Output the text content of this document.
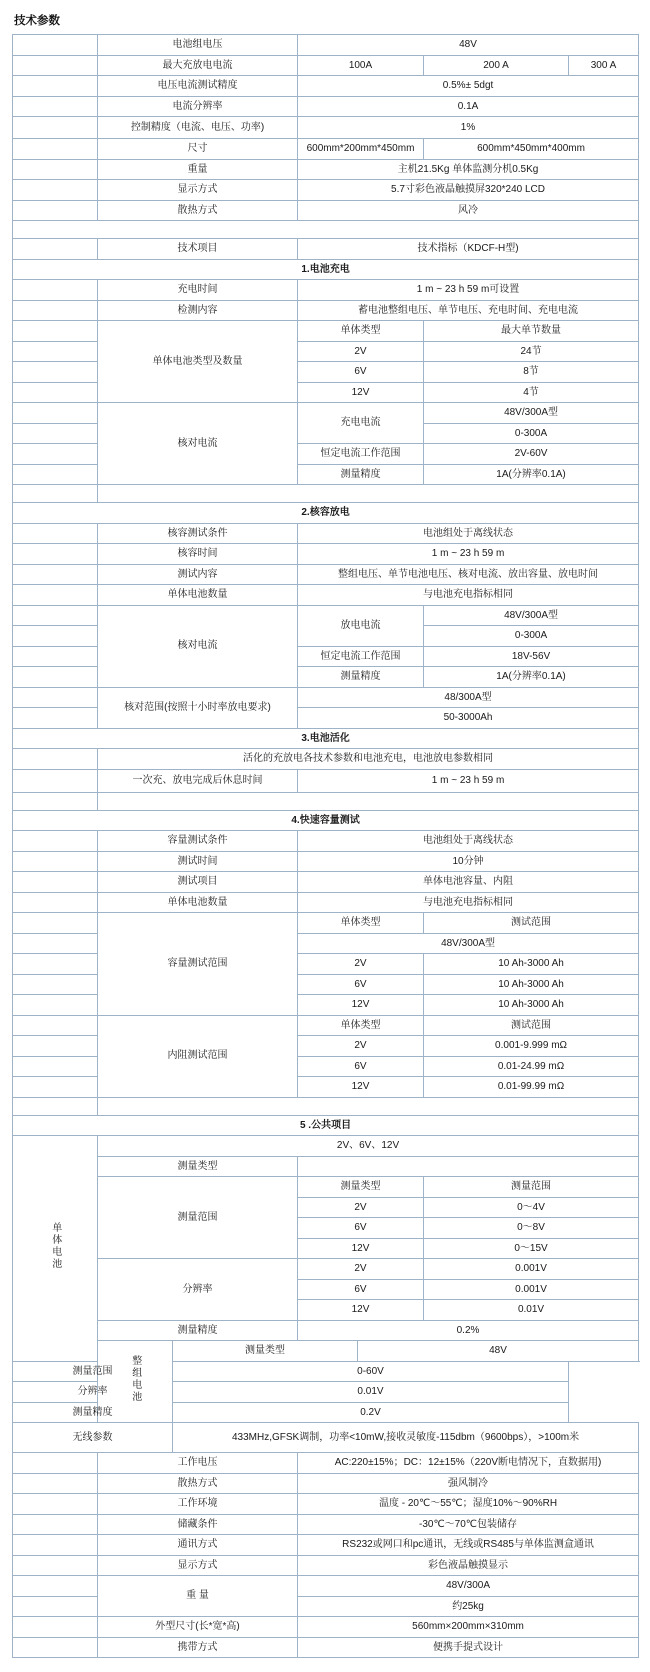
技术参数
	电池组电压		48V			
	最大充放电电流		100A		200 A	300 A
	电压电流测试精度		0.5%± 5dgt			
	电流分辨率		0.1A			
	控制精度（电流、电压、功率)		1%			
	尺寸		600mm*200mm*450mm		600mm*450mm*400mm	
	重量		主机21.5Kg 单体监测分机0.5Kg			
	显示方式		5.7寸彩色液晶触摸屏320*240 LCD			
	散热方式		风冷			

	技术项目		技术指标（KDCF-H型)			
1.电池充电						
	充电时间		1 m ~ 23 h 59 m可设置			
	检测内容		蓄电池整组电压、单节电压、充电时间、充电电流			
	单体电池类型及数量		单体类型		最大单节数量	
			2V		24节	
			6V		8节	
			12V		4节	
	核对电流		充电电流		48V/300A型	
					0-300A	
			恒定电流工作范围		2V-60V	
			测量精度		1A(分辨率0.1A)	

2.核容放电						
	核容测试条件		电池组处于离线状态			
	核容时间		1 m ~ 23 h 59 m			
	测试内容		整组电压、单节电池电压、核对电流、放出容量、放电时间			
	单体电池数量		与电池充电指标相同			
	核对电流		放电电流		48V/300A型	
					0-300A	
			恒定电流工作范围		18V-56V	
			测量精度		1A(分辨率0.1A)	
	核对范围(按照十小时率放电要求)		48/300A型			
			50-3000Ah			
3.电池活化						
	活化的充放电各技术参数和电池充电，电池放电参数相同					
	一次充、放电完成后休息时间		1 m ~ 23 h 59 m			

4.快速容量测试						
	容量测试条件		电池组处于离线状态			
	测试时间		10分钟			
	测试项目		单体电池容量、内阻			
	单体电池数量		与电池充电指标相同			
	容量测试范围		单体类型		测试范围	
			48V/300A型			
			2V		10 Ah-3000 Ah	
			6V		10 Ah-3000 Ah	
			12V		10 Ah-3000 Ah	
	内阻测试范围		单体类型		测试范围	
			2V		0.001-9.999 mΩ	
			6V		0.01-24.99 mΩ	
			12V		0.01-99.99 mΩ	

5 .公共项目						
单体电池	2V、6V、12V					
	测量类型					
	测量范围		测量类型		测量范围	
			2V		0～4V	
			6V		0～8V	
			12V		0～15V	
	分辨率		2V		0.001V	
			6V		0.001V	
			12V		0.01V	
	测量精度		0.2%			
	整组电池	测量类型		48V		
测量范围		0-60V				
分辨率		0.01V				
测量精度		0.2V				
无线参数		433MHz,GFSK调制，功率<10mW,接收灵敏度-115dbm（9600bps），>100m米				
	工作电压		AC:220±15%；DC：12±15%（220V断电情况下，直数据用)			
	散热方式		强风制冷			
	工作环境		温度 - 20℃～55℃；湿度10%～90%RH			
	储藏条件		-30℃～70℃包装储存			
	通讯方式		RS232或网口和pc通讯，无线或RS485与单体监测盒通讯			
	显示方式		彩色液晶触摸显示			
	重 量		48V/300A			
			约25kg			
	外型尺寸(长*宽*高)		560mm×200mm×310mm			
	携带方式		便携手提式设计			
